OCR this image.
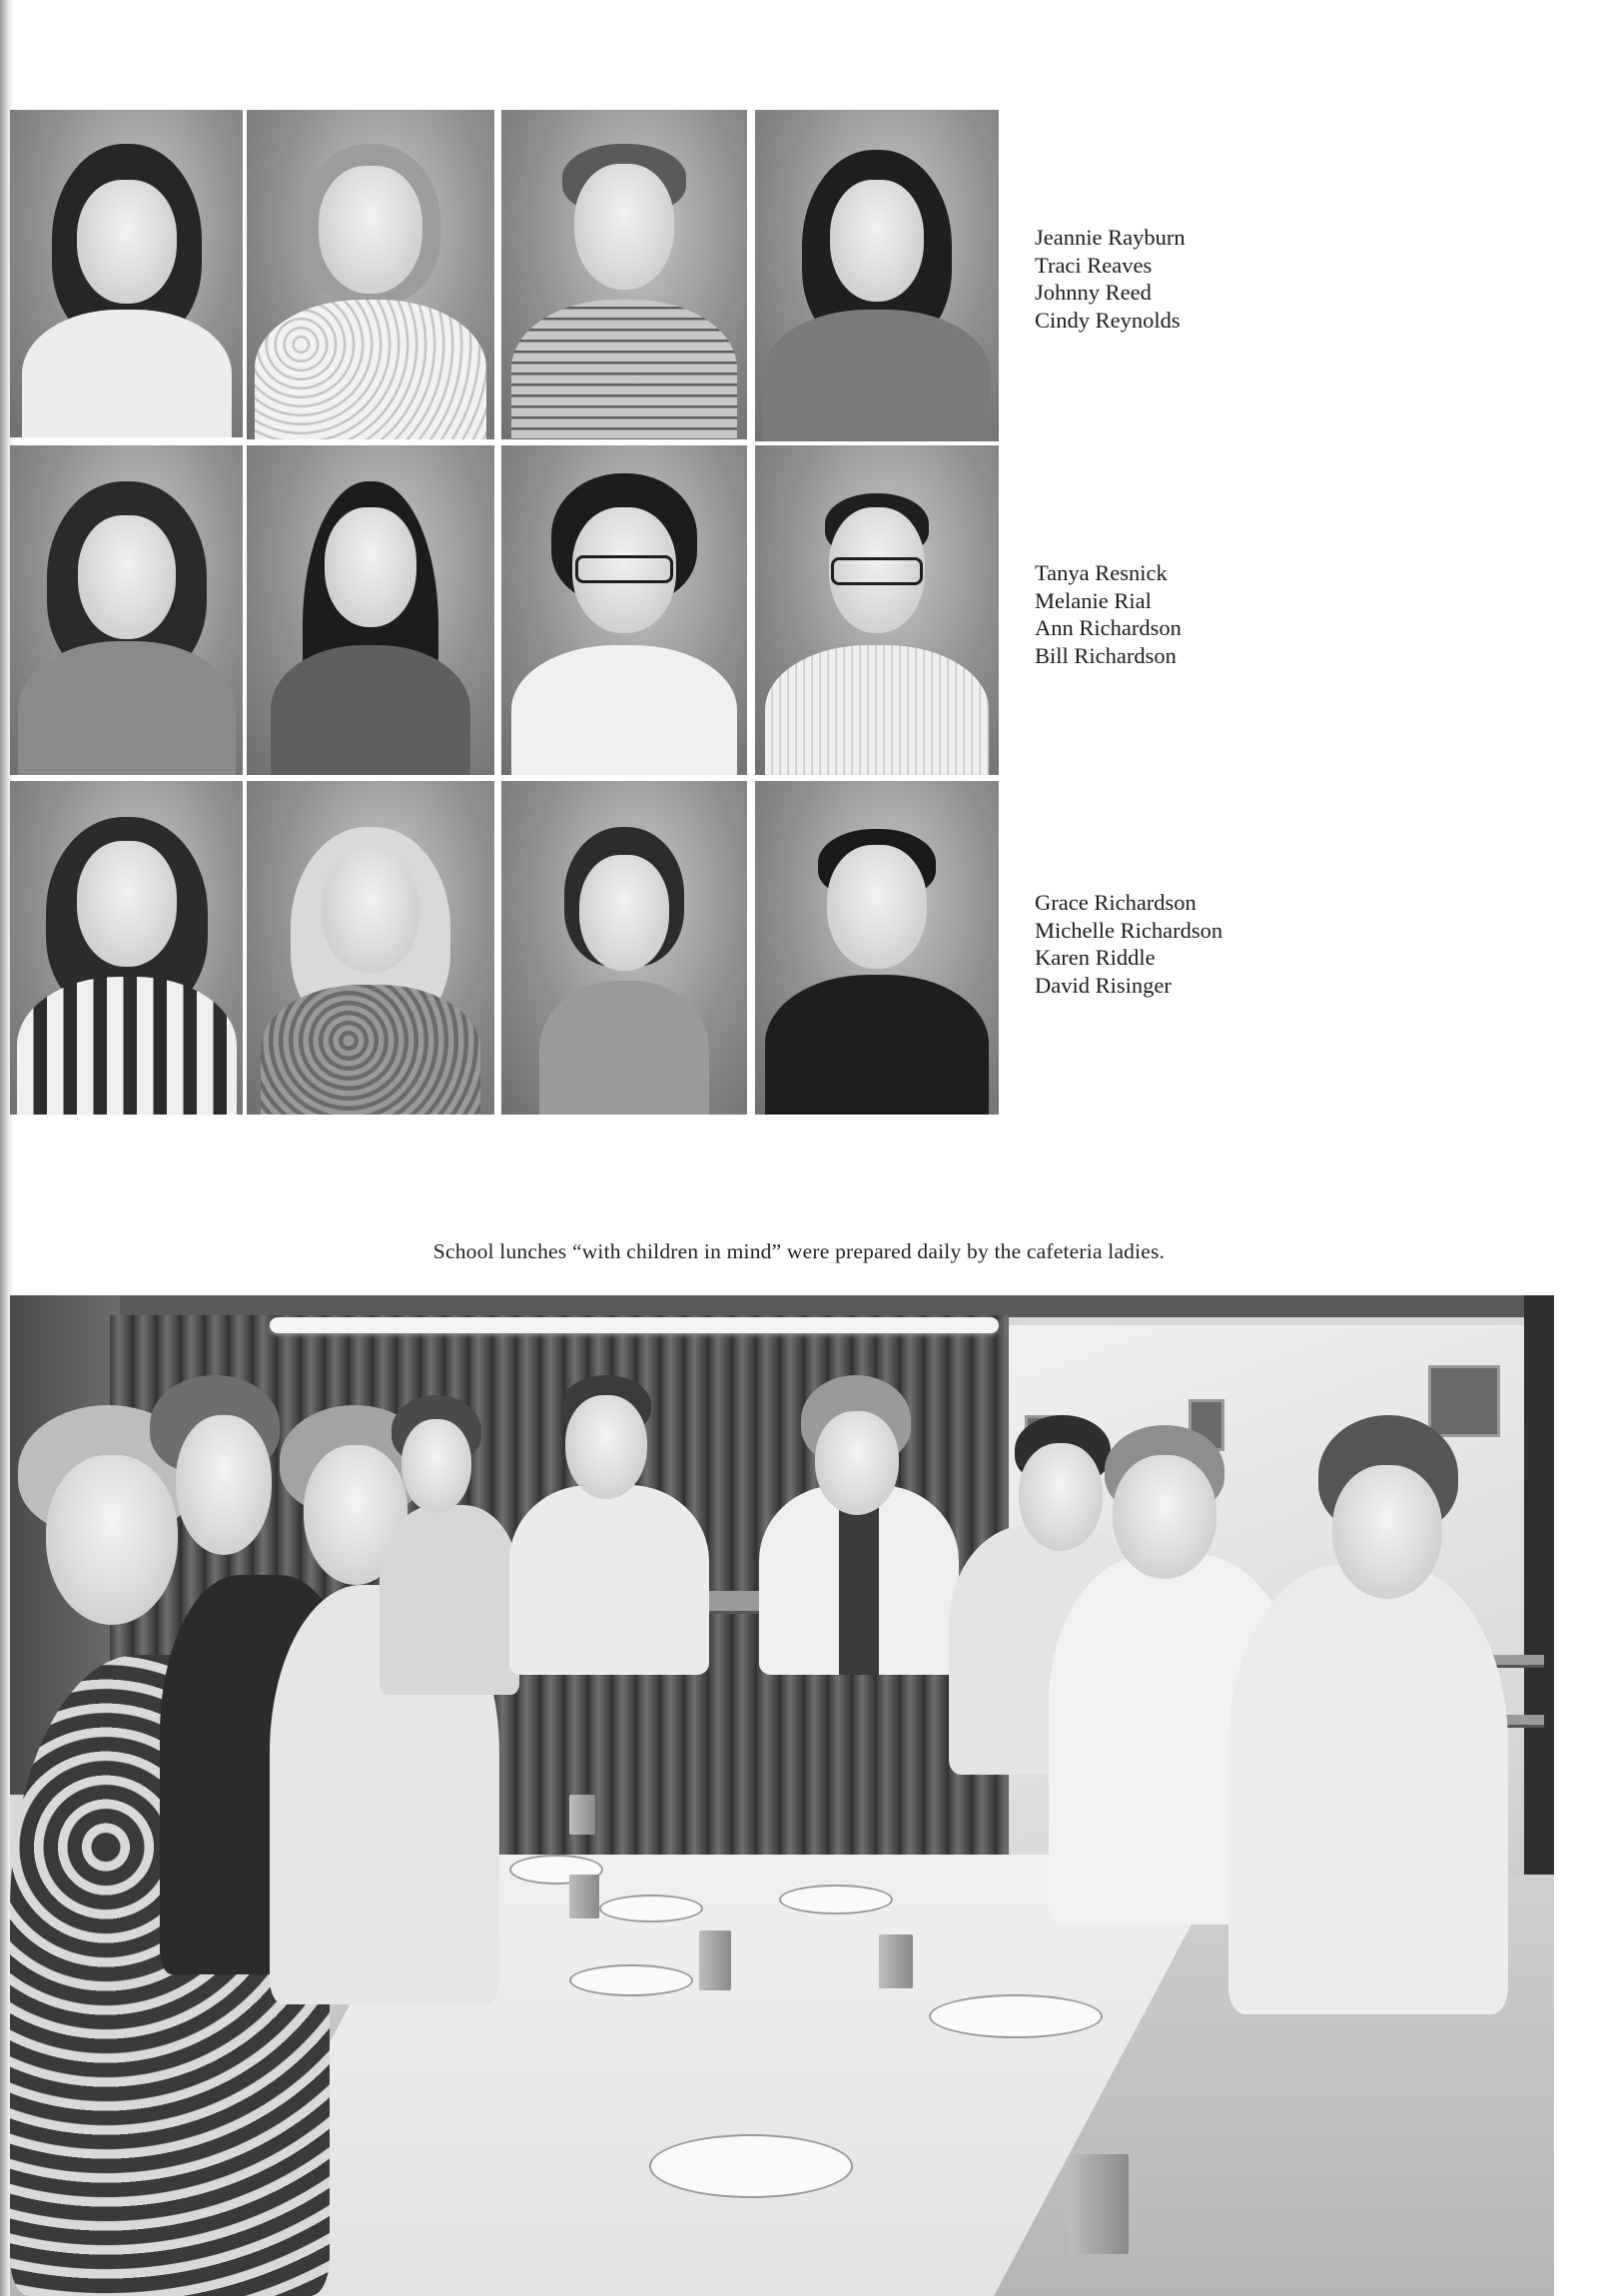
Jeannie Rayburn
Traci Reaves
Johnny Reed
Cindy Reynolds
Tanya Resnick
Melanie Rial
Ann Richardson
Bill Richardson
Grace Richardson
Michelle Richardson
Karen Riddle
David Risinger
School lunches “with children in mind” were prepared daily by the cafeteria ladies.
